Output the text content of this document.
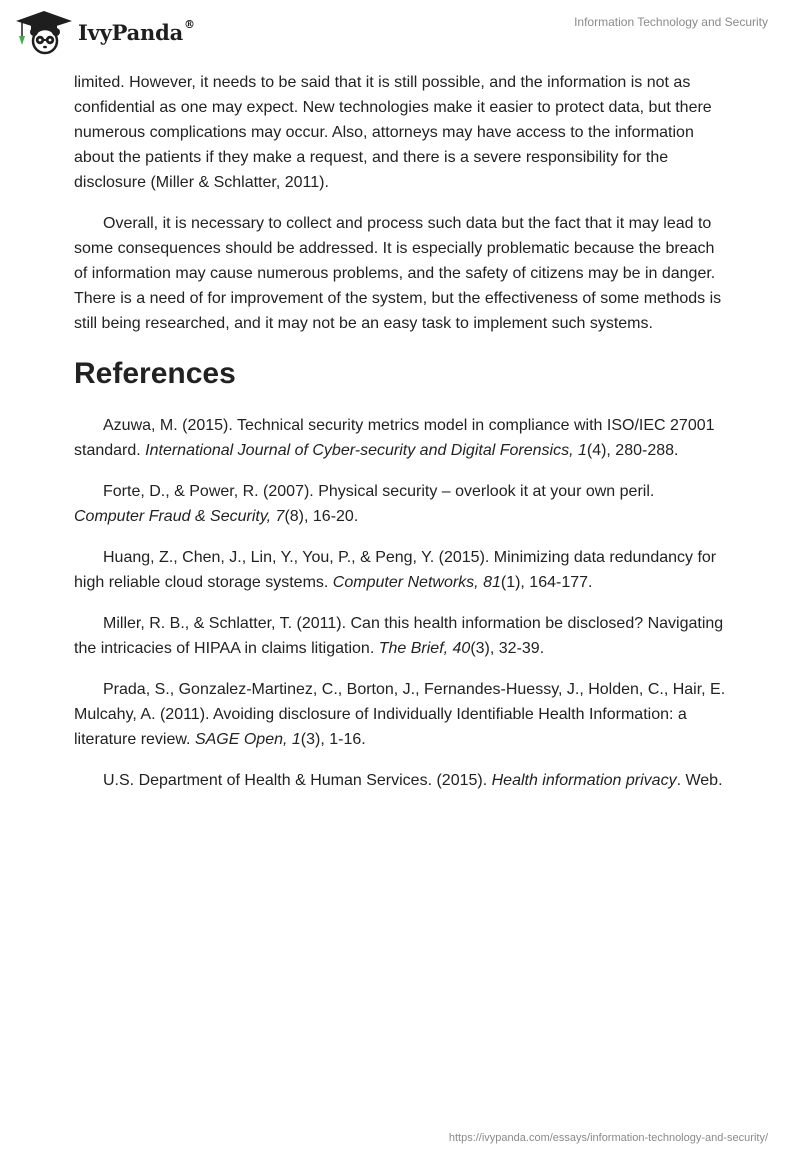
IvyPanda®	Information Technology and Security

limited. However, it needs to be said that it is still possible, and the information is not as confidential as one may expect. New technologies make it easier to protect data, but there numerous complications may occur. Also, attorneys may have access to the information about the patients if they make a request, and there is a severe responsibility for the disclosure (Miller & Schlatter, 2011).

Overall, it is necessary to collect and process such data but the fact that it may lead to some consequences should be addressed. It is especially problematic because the breach of information may cause numerous problems, and the safety of citizens may be in danger. There is a need of for improvement of the system, but the effectiveness of some methods is still being researched, and it may not be an easy task to implement such systems.

References

Azuwa, M. (2015). Technical security metrics model in compliance with ISO/IEC 27001 standard. International Journal of Cyber-security and Digital Forensics, 1(4), 280-288.

Forte, D., & Power, R. (2007). Physical security – overlook it at your own peril. Computer Fraud & Security, 7(8), 16-20.

Huang, Z., Chen, J., Lin, Y., You, P., & Peng, Y. (2015). Minimizing data redundancy for high reliable cloud storage systems. Computer Networks, 81(1), 164-177.

Miller, R. B., & Schlatter, T. (2011). Can this health information be disclosed? Navigating the intricacies of HIPAA in claims litigation. The Brief, 40(3), 32-39.

Prada, S., Gonzalez-Martinez, C., Borton, J., Fernandes-Huessy, J., Holden, C., Hair, E. Mulcahy, A. (2011). Avoiding disclosure of Individually Identifiable Health Information: a literature review. SAGE Open, 1(3), 1-16.

U.S. Department of Health & Human Services. (2015). Health information privacy. Web.

https://ivypanda.com/essays/information-technology-and-security/
